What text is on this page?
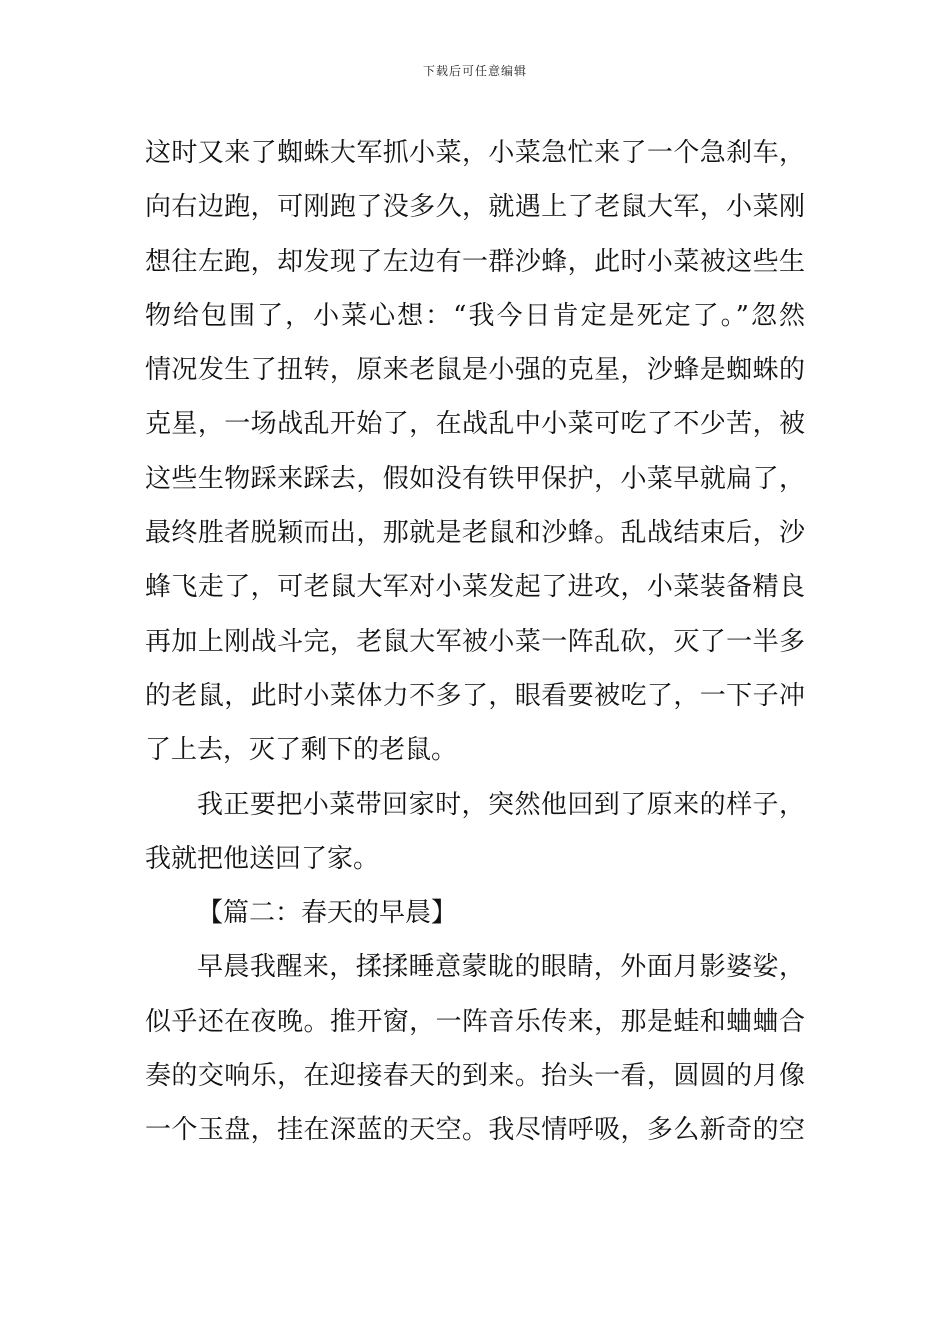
下载后可任意编辑
这时又来了蜘蛛大军抓小菜，小菜急忙来了一个急刹车，
向右边跑，可刚跑了没多久，就遇上了老鼠大军，小菜刚
想往左跑，却发现了左边有一群沙蜂，此时小菜被这些生
物给包围了，小菜心想：“我今日肯定是死定了。”忽然
情况发生了扭转，原来老鼠是小强的克星，沙蜂是蜘蛛的
克星，一场战乱开始了，在战乱中小菜可吃了不少苦，被
这些生物踩来踩去，假如没有铁甲保护，小菜早就扁了，
最终胜者脱颖而出，那就是老鼠和沙蜂。乱战结束后，沙
蜂飞走了，可老鼠大军对小菜发起了进攻，小菜装备精良
再加上刚战斗完，老鼠大军被小菜一阵乱砍，灭了一半多
的老鼠，此时小菜体力不多了，眼看要被吃了，一下子冲
了上去，灭了剩下的老鼠。
我正要把小菜带回家时，突然他回到了原来的样子，
我就把他送回了家。
【篇二：春天的早晨】
早晨我醒来，揉揉睡意蒙眬的眼睛，外面月影婆娑，
似乎还在夜晚。推开窗，一阵音乐传来，那是蛙和蛐蛐合
奏的交响乐，在迎接春天的到来。抬头一看，圆圆的月像
一个玉盘，挂在深蓝的天空。我尽情呼吸，多么新奇的空
